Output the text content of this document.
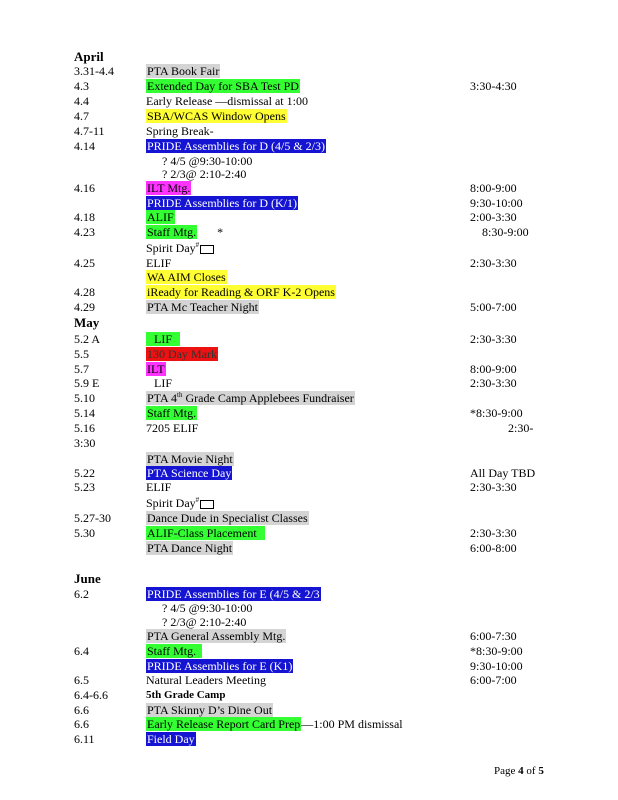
April
3.31-4.4	PTA Book Fair
4.3	Extended Day for SBA Test PD	3:30-4:30
4.4	Early Release —dismissal at 1:00
4.7	SBA/WCAS Window Opens
4.7-11	Spring Break-
4.14	PRIDE Assemblies for D (4/5 & 2/3)
? 4/5 @9:30-10:00
? 2/3@ 2:10-2:40
4.16	ILT Mtg.	8:00-9:00
PRIDE Assemblies for D (K/1)	9:30-10:00
4.18	ALIF	2:00-3:30
4.23	Staff Mtg. *	8:30-9:00
Spirit Day#
4.25	ELIF	2:30-3:30
WA AIM Closes
4.28	iReady for Reading & ORF K-2 Opens
4.29	PTA Mc Teacher Night	5:00-7:00
May
5.2 A	LIF	2:30-3:30
5.5	130 Day Mark
5.7	ILT	8:00-9:00
5.9 E	LIF	2:30-3:30
5.10	PTA 4th Grade Camp Applebees Fundraiser
5.14	Staff Mtg.	*8:30-9:00
5.16	7205 ELIF	2:30-
3:30
PTA Movie Night
5.22	PTA Science Day	All Day TBD
5.23	ELIF	2:30-3:30
Spirit Day#
5.27-30	Dance Dude in Specialist Classes
5.30	ALIF-Class Placement	2:30-3:30
PTA Dance Night	6:00-8:00
June
6.2	PRIDE Assemblies for E (4/5 & 2/3
? 4/5 @9:30-10:00
? 2/3@ 2:10-2:40
PTA General Assembly Mtg.	6:00-7:30
6.4	Staff Mtg.	*8:30-9:00
PRIDE Assemblies for E (K1)	9:30-10:00
6.5	Natural Leaders Meeting	6:00-7:00
6.4-6.6	5th Grade Camp
6.6	PTA Skinny D’s Dine Out
6.6	Early Release Report Card Prep—1:00 PM dismissal
6.11	Field Day
Page 4 of 5
